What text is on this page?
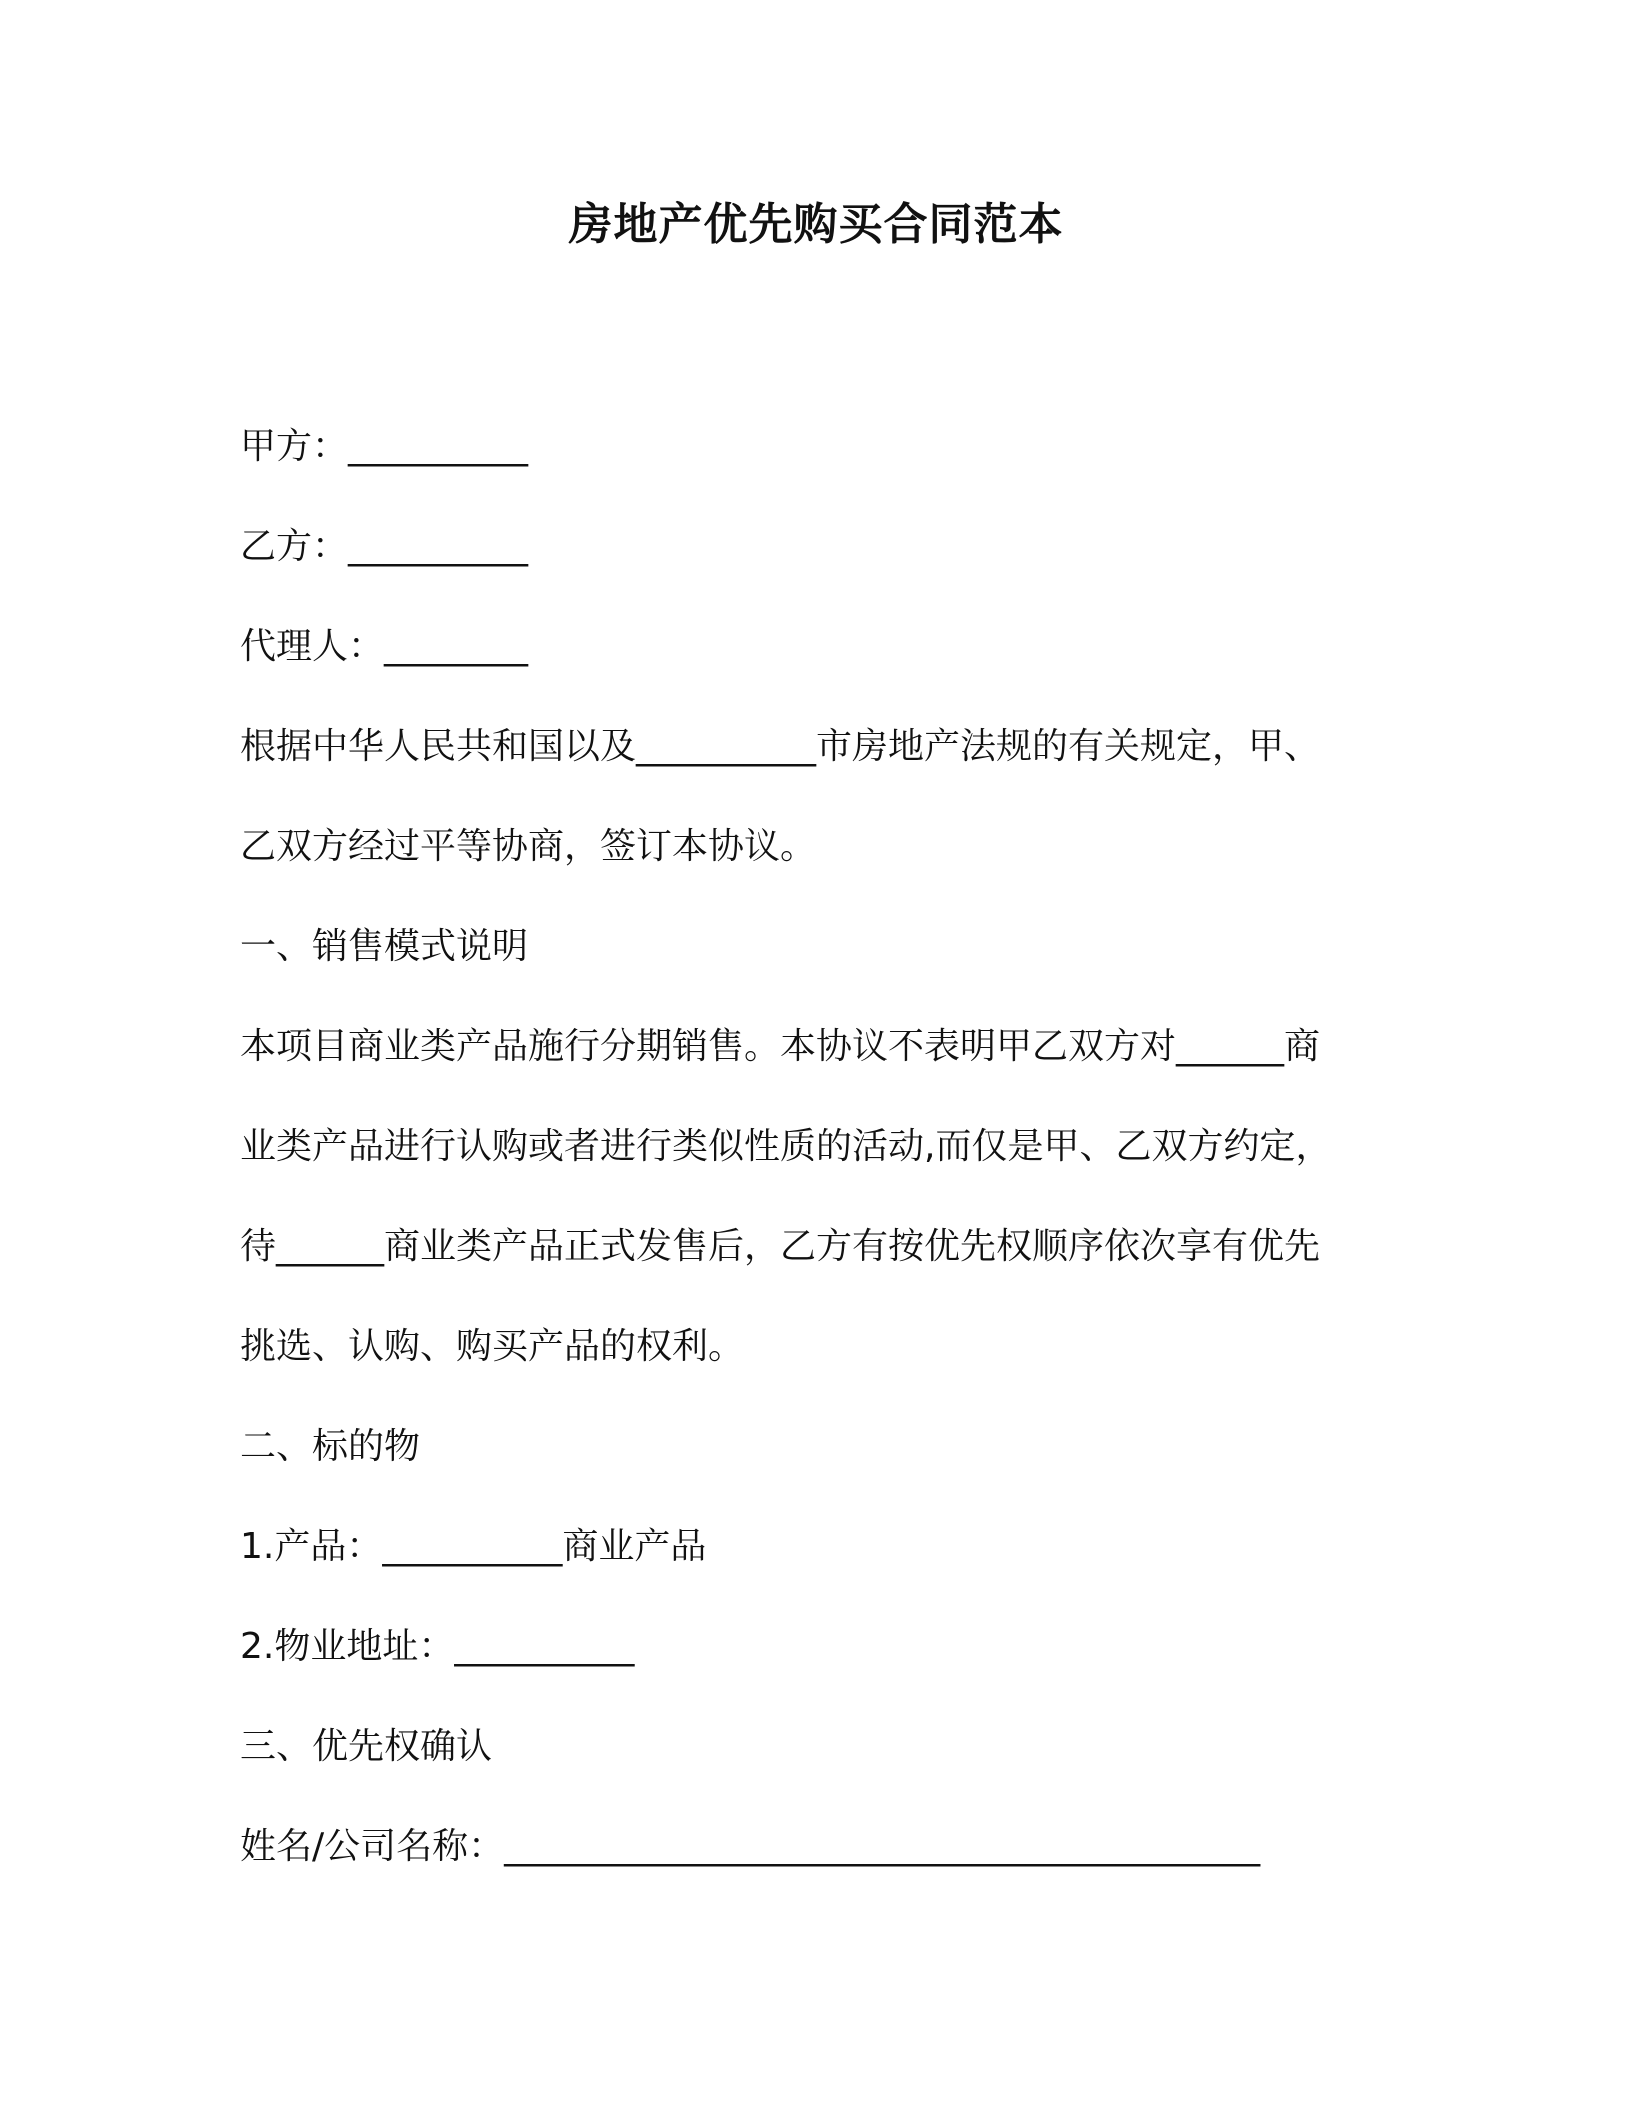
房地产优先购买合同范本

甲方：__________

乙方：__________

代理人：________

根据中华人民共和国以及__________市房地产法规的有关规定，甲、

乙双方经过平等协商，签订本协议。

一、销售模式说明

本项目商业类产品施行分期销售。本协议不表明甲乙双方对______商

业类产品进行认购或者进行类似性质的活动,而仅是甲、乙双方约定，

待______商业类产品正式发售后，乙方有按优先权顺序依次享有优先

挑选、认购、购买产品的权利。

二、标的物

1.产品：__________商业产品

2.物业地址：__________

三、优先权确认

姓名/公司名称：__________________________________________
